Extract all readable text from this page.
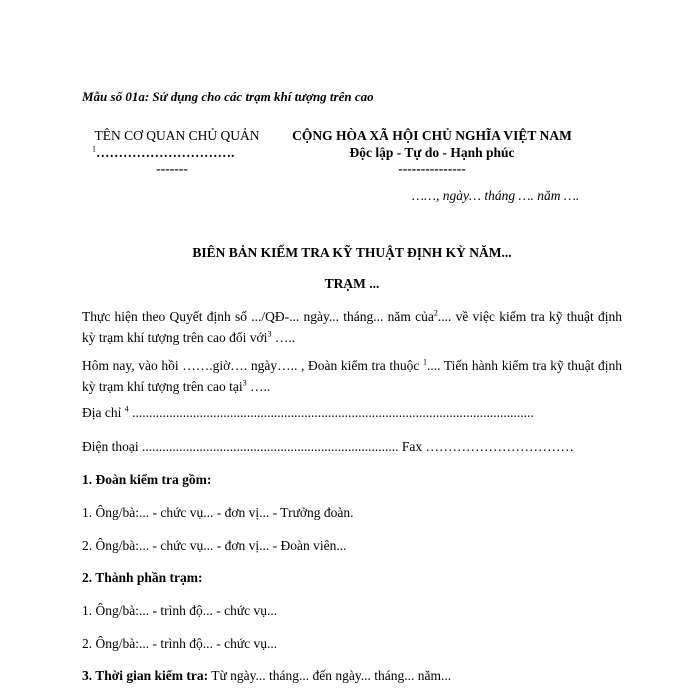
Mẫu số 01a: Sử dụng cho các trạm khí tượng trên cao
TÊN CƠ QUAN CHỦ QUẢN
$^1$………………………….
-------
CỘNG HÒA XÃ HỘI CHỦ NGHĨA VIỆT NAM
Độc lập - Tự do - Hạnh phúc
---------------
……, ngày… tháng …. năm ….
BIÊN BẢN KIỂM TRA KỸ THUẬT ĐỊNH KỲ NĂM...
TRẠM ...
Thực hiện theo Quyết định số .../QĐ-... ngày... tháng... năm của$^2$.... về việc kiểm tra kỹ thuật định kỳ trạm khí tượng trên cao đối với$^3$ …..
Hôm nay, vào hồi …….giờ…. ngày….. , Đoàn kiểm tra thuộc $^1$.... Tiến hành kiểm tra kỹ thuật định kỳ trạm khí tượng trên cao tại$^3$ …..
Địa chỉ $^4$ .......................................................................................................................
Điện thoại ............................................................................ Fax ……………………………
1. Đoàn kiểm tra gồm:
1. Ông/bà:... - chức vụ... - đơn vị... - Trưởng đoàn.
2. Ông/bà:... - chức vụ... - đơn vị... - Đoàn viên...
2. Thành phần trạm:
1. Ông/bà:... - trình độ... - chức vụ...
2. Ông/bà:... - trình độ... - chức vụ...
3. Thời gian kiểm tra: Từ ngày... tháng... đến ngày... tháng... năm...
